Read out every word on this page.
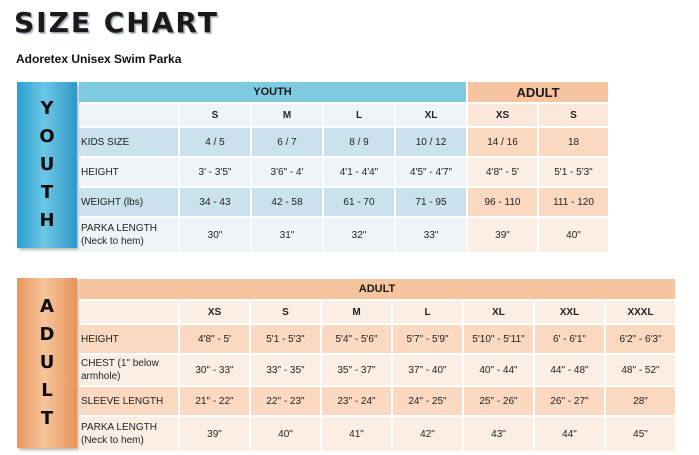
SIZE CHART
Adoretex Unisex Swim Parka
Y
O
U
T
H
YOUTH					ADULT	
	S	M	L	XL	XS	S
KIDS SIZE	4 / 5	6 / 7	8 / 9	10 / 12	14 / 16	18
HEIGHT	3' - 3'5"	3'6" - 4'	4'1 - 4'4"	4'5" - 4'7"	4'8" - 5'	5'1 - 5'3"
WEIGHT (lbs)	34 - 43	42 - 58	61 - 70	71 - 95	96 - 110	111 - 120

PARKA LENGTH
(Neck to hem)	30"	31"	32"	33"	39"	40"
A
D
U
L
T
ADULT							
	XS	S	M	L	XL	XXL	XXXL
HEIGHT	4'8" - 5'	5'1 - 5'3"	5'4" - 5'6"	5'7" - 5'9"	5'10" - 5'11"	6' - 6'1"	6'2" - 6'3"

CHEST (1" below
armhole)	30" - 33"	33" - 35"	35" - 37"	37" - 40"	40" - 44"	44" - 48"	48" - 52"
SLEEVE LENGTH	21" - 22"	22" - 23"	23" - 24"	24" - 25"	25" - 26"	26" - 27"	28"

PARKA LENGTH
(Neck to hem)	39"	40"	41"	42"	43"	44"	45"
